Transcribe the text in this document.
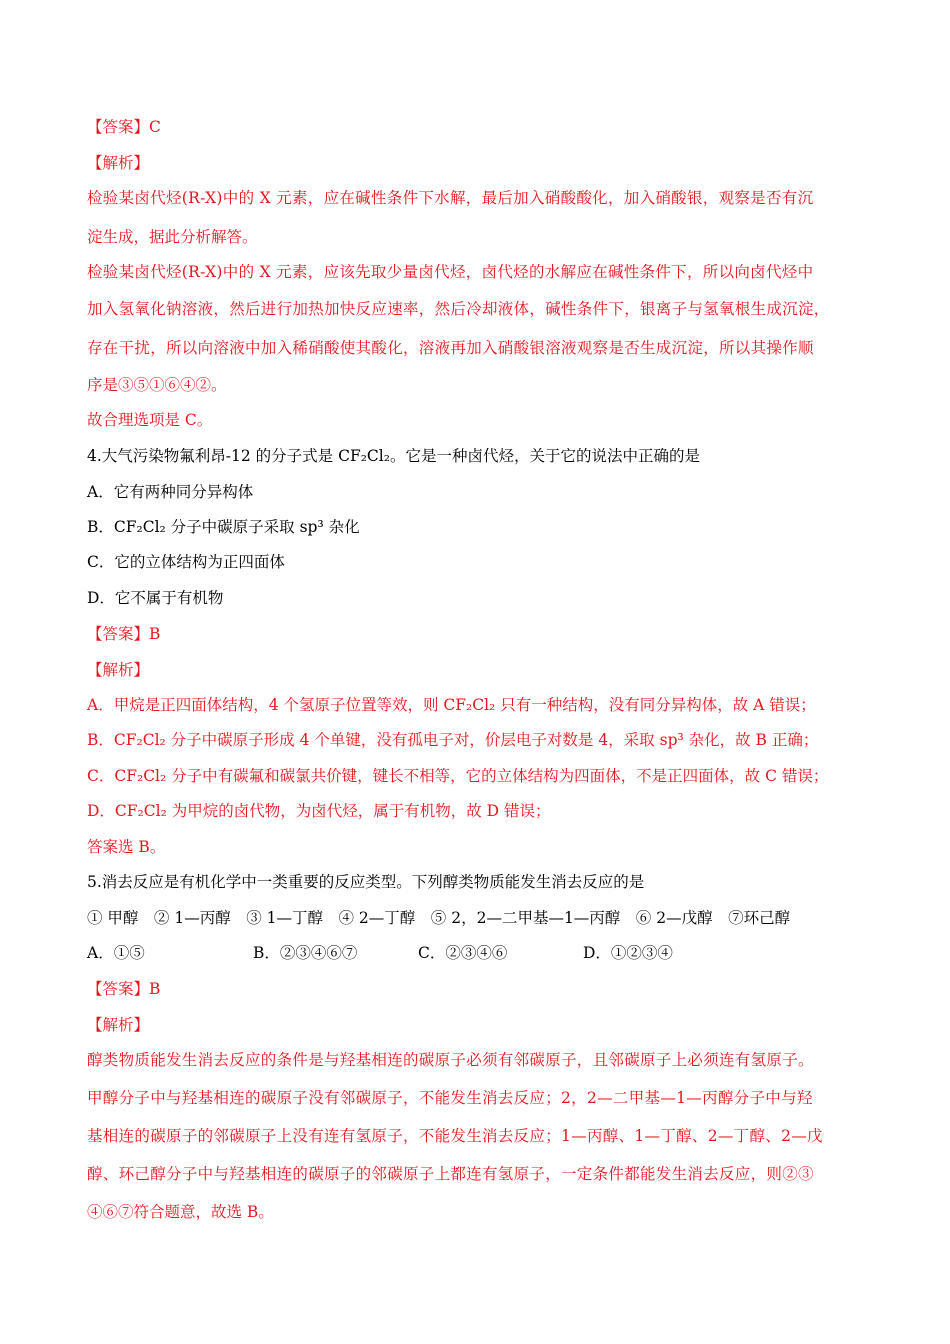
【答案】C
【解析】
检验某卤代烃(R-X)中的 X 元素，应在碱性条件下水解，最后加入硝酸酸化，加入硝酸银，观察是否有沉
淀生成，据此分析解答。
检验某卤代烃(R-X)中的 X 元素，应该先取少量卤代烃，卤代烃的水解应在碱性条件下，所以向卤代烃中
加入氢氧化钠溶液，然后进行加热加快反应速率，然后冷却液体，碱性条件下，银离子与氢氧根生成沉淀，
存在干扰，所以向溶液中加入稀硝酸使其酸化，溶液再加入硝酸银溶液观察是否生成沉淀，所以其操作顺
序是③⑤①⑥④②。
故合理选项是 C。
4.大气污染物氟利昂-12 的分子式是 CF₂Cl₂。它是一种卤代烃，关于它的说法中正确的是
A．它有两种同分异构体
B．CF₂Cl₂ 分子中碳原子采取 sp³ 杂化
C．它的立体结构为正四面体
D．它不属于有机物
【答案】B
【解析】
A．甲烷是正四面体结构，4 个氢原子位置等效，则 CF₂Cl₂ 只有一种结构，没有同分异构体，故 A 错误；
B．CF₂Cl₂ 分子中碳原子形成 4 个单键，没有孤电子对，价层电子对数是 4，采取 sp³ 杂化，故 B 正确；
C．CF₂Cl₂ 分子中有碳氟和碳氯共价键，键长不相等，它的立体结构为四面体，不是正四面体，故 C 错误；
D．CF₂Cl₂ 为甲烷的卤代物，为卤代烃，属于有机物，故 D 错误；
答案选 B。
5.消去反应是有机化学中一类重要的反应类型。下列醇类物质能发生消去反应的是
① 甲醇　② 1—丙醇　③ 1—丁醇　④ 2—丁醇　⑤ 2，2—二甲基—1—丙醇　⑥ 2—戊醇　⑦环己醇
A．①⑤	B．②③④⑥⑦	C．②③④⑥	D．①②③④
【答案】B
【解析】
醇类物质能发生消去反应的条件是与羟基相连的碳原子必须有邻碳原子，且邻碳原子上必须连有氢原子。
甲醇分子中与羟基相连的碳原子没有邻碳原子，不能发生消去反应；2，2—二甲基—1—丙醇分子中与羟
基相连的碳原子的邻碳原子上没有连有氢原子，不能发生消去反应；1—丙醇、1—丁醇、2—丁醇、2—戊
醇、环己醇分子中与羟基相连的碳原子的邻碳原子上都连有氢原子，一定条件都能发生消去反应，则②③
④⑥⑦符合题意，故选 B。
